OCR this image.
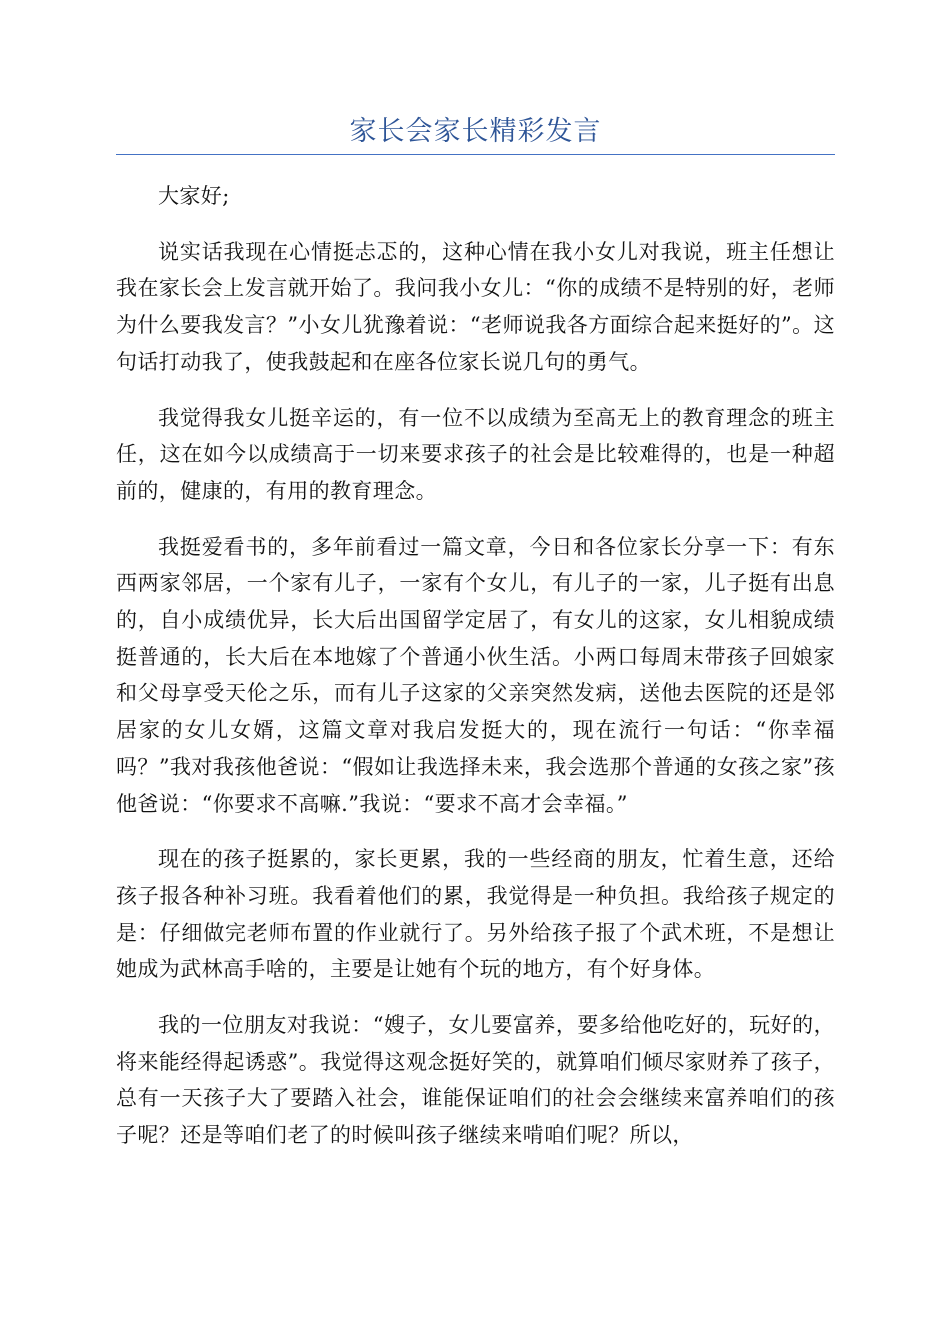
家长会家长精彩发言

大家好;

说实话我现在心情挺忐忑的，这种心情在我小女儿对我说，班主任想让我在家长会上发言就开始了。我问我小女儿：“你的成绩不是特别的好，老师为什么要我发言？”小女儿犹豫着说：“老师说我各方面综合起来挺好的”。这句话打动我了，使我鼓起和在座各位家长说几句的勇气。

我觉得我女儿挺辛运的，有一位不以成绩为至高无上的教育理念的班主任，这在如今以成绩高于一切来要求孩子的社会是比较难得的，也是一种超前的，健康的，有用的教育理念。

我挺爱看书的，多年前看过一篇文章，今日和各位家长分享一下：有东西两家邻居，一个家有儿子，一家有个女儿，有儿子的一家，儿子挺有出息的，自小成绩优异，长大后出国留学定居了，有女儿的这家，女儿相貌成绩挺普通的，长大后在本地嫁了个普通小伙生活。小两口每周末带孩子回娘家和父母享受天伦之乐，而有儿子这家的父亲突然发病，送他去医院的还是邻居家的女儿女婿，这篇文章对我启发挺大的，现在流行一句话：“你幸福吗？”我对我孩他爸说：“假如让我选择未来，我会选那个普通的女孩之家”孩他爸说：“你要求不高嘛.”我说：“要求不高才会幸福。”

现在的孩子挺累的，家长更累，我的一些经商的朋友，忙着生意，还给孩子报各种补习班。我看着他们的累，我觉得是一种负担。我给孩子规定的是：仔细做完老师布置的作业就行了。另外给孩子报了个武术班，不是想让她成为武林高手啥的，主要是让她有个玩的地方，有个好身体。

我的一位朋友对我说：“嫂子，女儿要富养，要多给他吃好的，玩好的，将来能经得起诱惑”。我觉得这观念挺好笑的，就算咱们倾尽家财养了孩子，总有一天孩子大了要踏入社会，谁能保证咱们的社会会继续来富养咱们的孩子呢？还是等咱们老了的时候叫孩子继续来啃咱们呢？所以，
